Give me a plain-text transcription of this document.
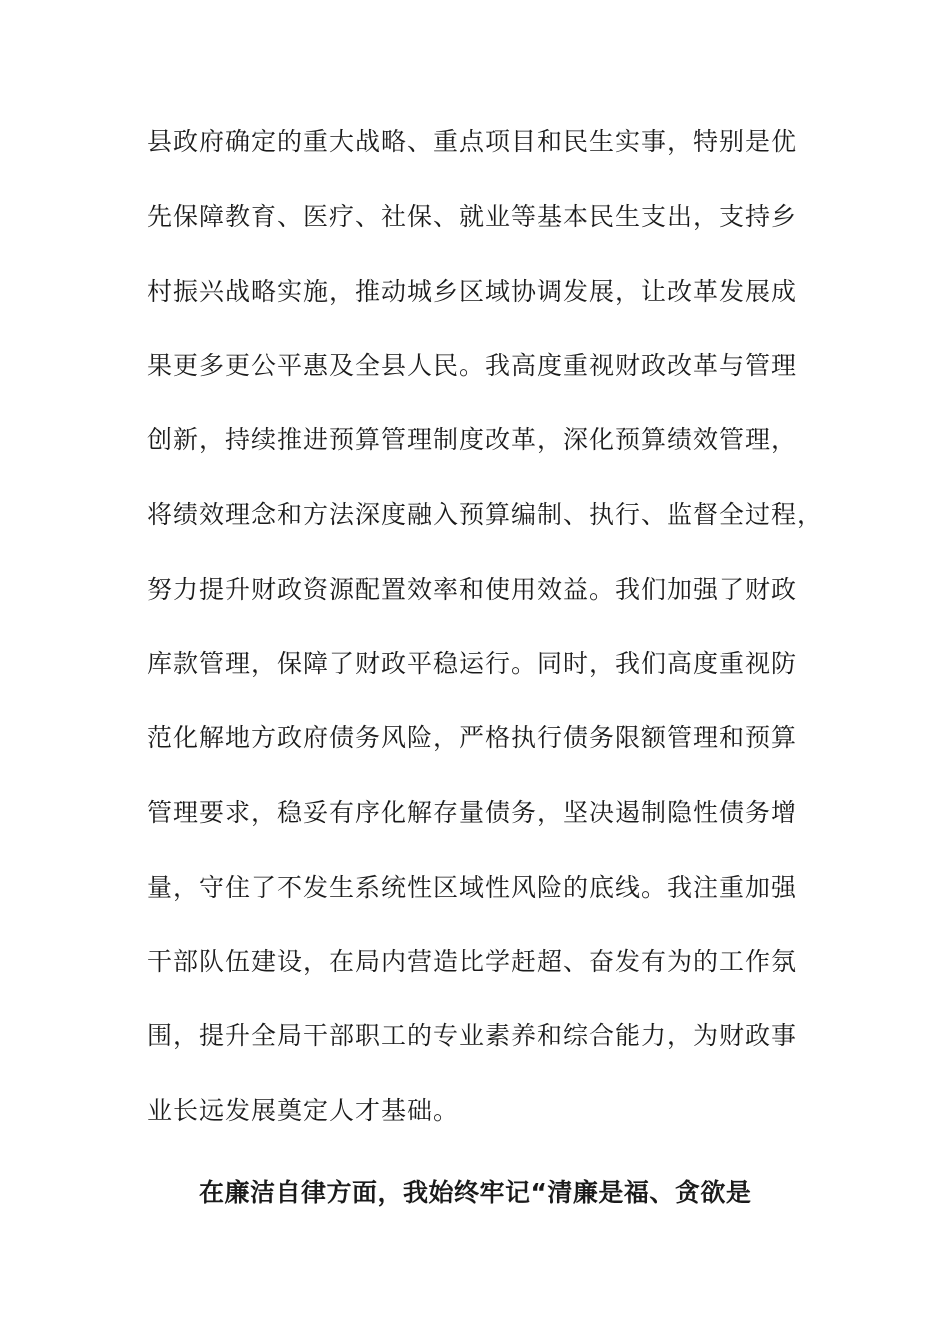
县政府确定的重大战略、重点项目和民生实事，特别是优
先保障教育、医疗、社保、就业等基本民生支出，支持乡
村振兴战略实施，推动城乡区域协调发展，让改革发展成
果更多更公平惠及全县人民。我高度重视财政改革与管理
创新，持续推进预算管理制度改革，深化预算绩效管理，
将绩效理念和方法深度融入预算编制、执行、监督全过程，
努力提升财政资源配置效率和使用效益。我们加强了财政
库款管理，保障了财政平稳运行。同时，我们高度重视防
范化解地方政府债务风险，严格执行债务限额管理和预算
管理要求，稳妥有序化解存量债务，坚决遏制隐性债务增
量，守住了不发生系统性区域性风险的底线。我注重加强
干部队伍建设，在局内营造比学赶超、奋发有为的工作氛
围，提升全局干部职工的专业素养和综合能力，为财政事
业长远发展奠定人才基础。
在廉洁自律方面，我始终牢记“清廉是福、贪欲是
